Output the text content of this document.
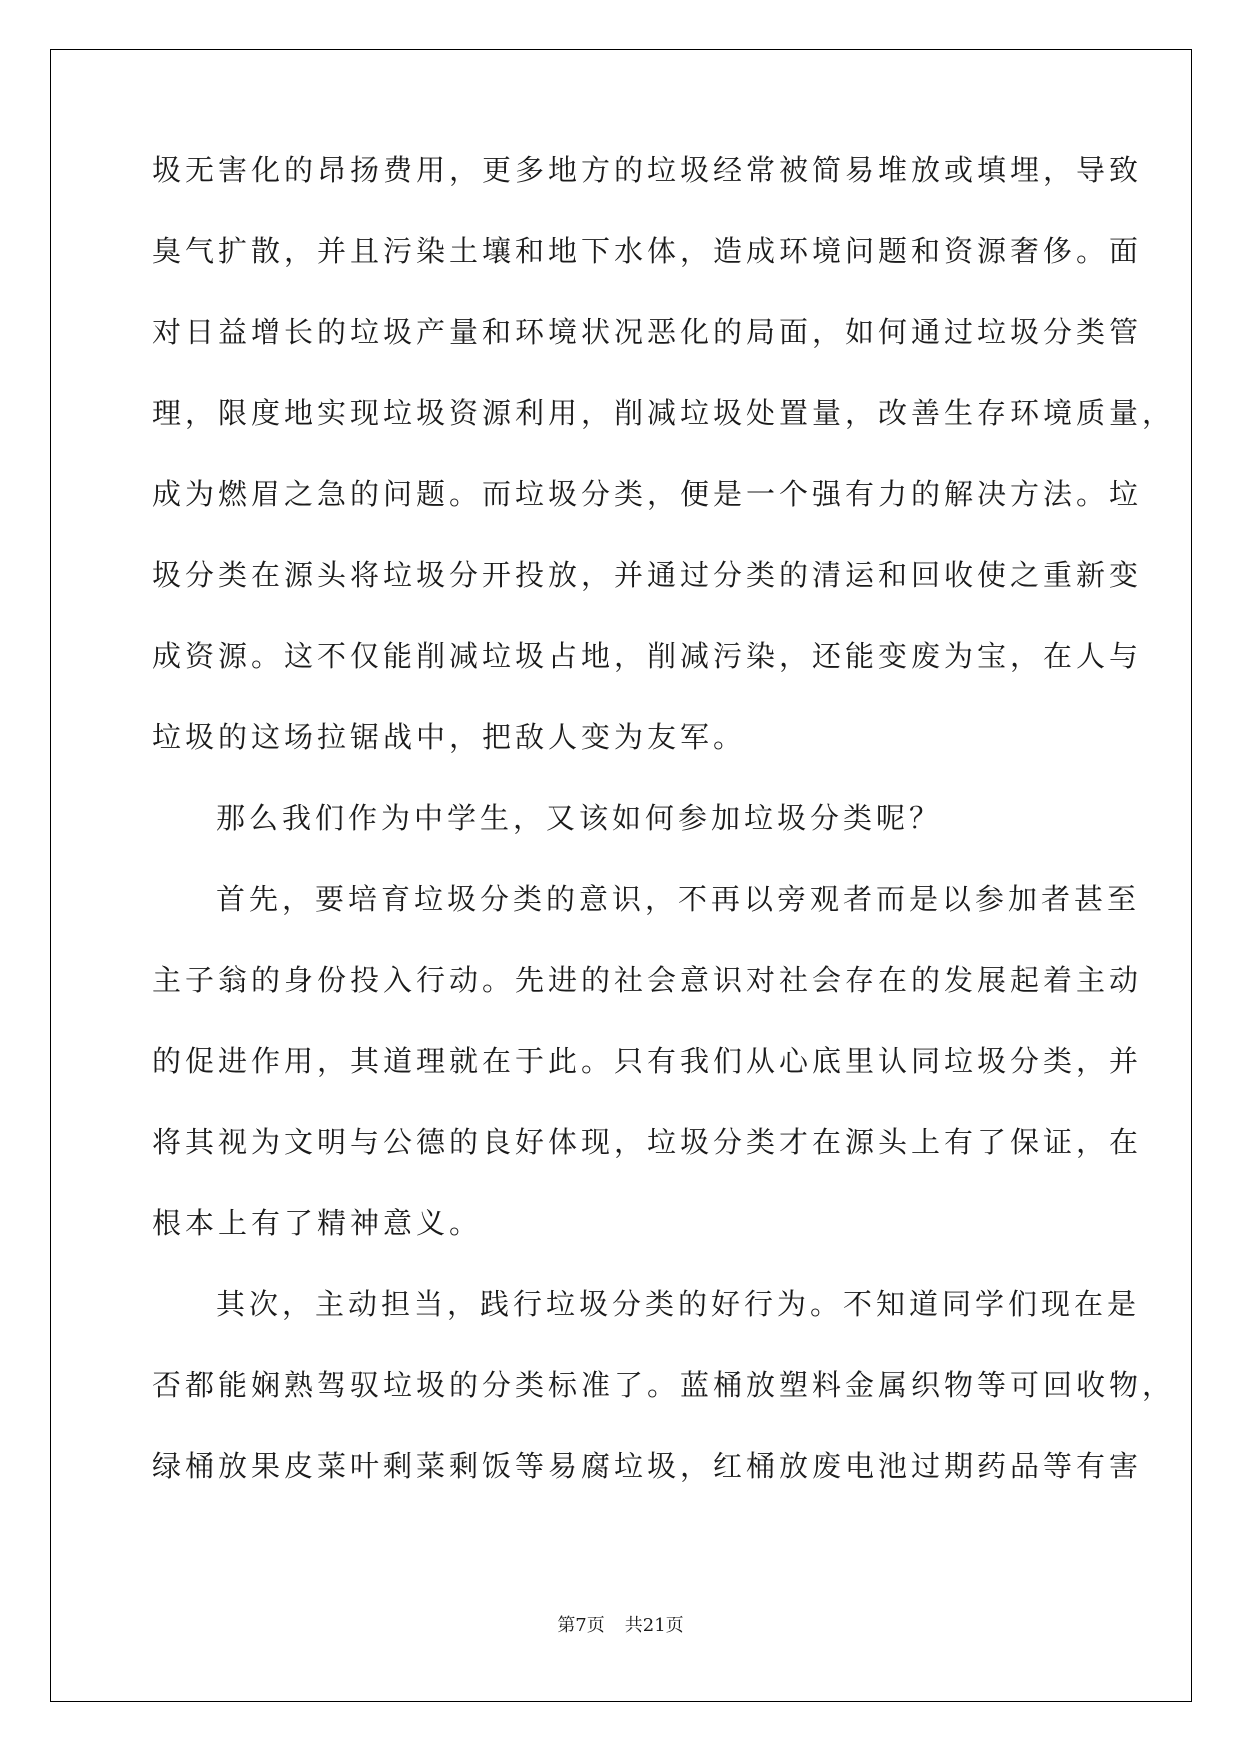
圾无害化的昂扬费用，更多地方的垃圾经常被简易堆放或填埋，导致
臭气扩散，并且污染土壤和地下水体，造成环境问题和资源奢侈。面
对日益增长的垃圾产量和环境状况恶化的局面，如何通过垃圾分类管
理，限度地实现垃圾资源利用，削减垃圾处置量，改善生存环境质量，
成为燃眉之急的问题。而垃圾分类，便是一个强有力的解决方法。垃
圾分类在源头将垃圾分开投放，并通过分类的清运和回收使之重新变
成资源。这不仅能削减垃圾占地，削减污染，还能变废为宝，在人与
垃圾的这场拉锯战中，把敌人变为友军。
那么我们作为中学生，又该如何参加垃圾分类呢？
首先，要培育垃圾分类的意识，不再以旁观者而是以参加者甚至
主子翁的身份投入行动。先进的社会意识对社会存在的发展起着主动
的促进作用，其道理就在于此。只有我们从心底里认同垃圾分类，并
将其视为文明与公德的良好体现，垃圾分类才在源头上有了保证，在
根本上有了精神意义。
其次，主动担当，践行垃圾分类的好行为。不知道同学们现在是
否都能娴熟驾驭垃圾的分类标准了。蓝桶放塑料金属织物等可回收物，
绿桶放果皮菜叶剩菜剩饭等易腐垃圾，红桶放废电池过期药品等有害
第7页 共21页
